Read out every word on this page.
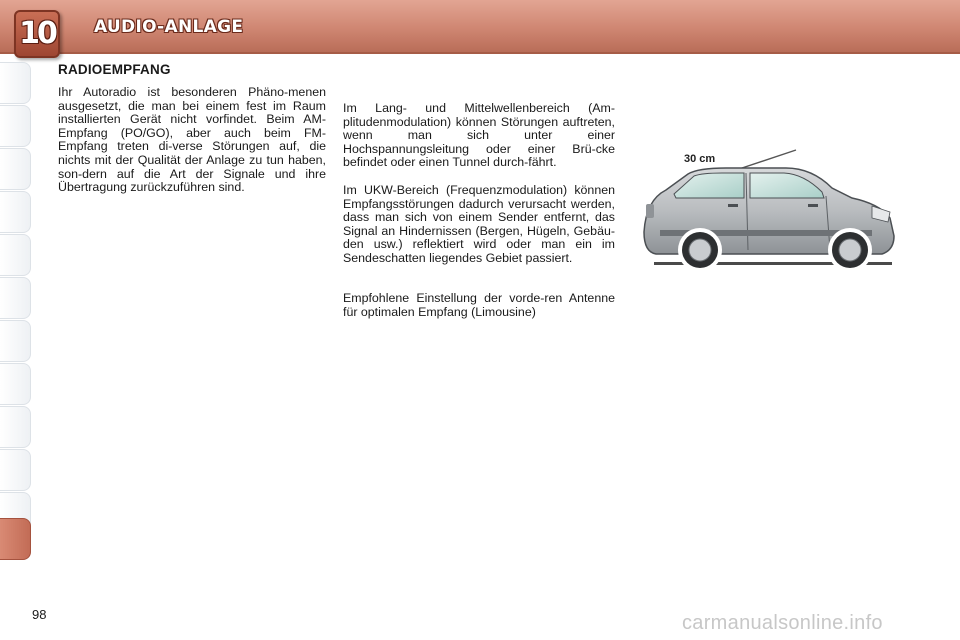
10 AUDIO-ANLAGE
RADIOEMPFANG

Ihr Autoradio ist besonderen Phäno-menen ausgesetzt, die man bei einem fest im Raum installierten Gerät nicht vorfindet. Beim AM-Empfang (PO/GO), aber auch beim FM-Empfang treten di-verse Störungen auf, die nichts mit der Qualität der Anlage zu tun haben, son-dern auf die Art der Signale und ihre Übertragung zurückzuführen sind.

Im Lang- und Mittelwellenbereich (Am-plitudenmodulation) können Störungen auftreten, wenn man sich unter einer Hochspannungsleitung oder einer Brü-cke befindet oder einen Tunnel durch-fährt.

Im UKW-Bereich (Frequenzmodulation) können Empfangsstörungen dadurch verursacht werden, dass man sich von einem Sender entfernt, das Signal an Hindernissen (Bergen, Hügeln, Gebäu-den usw.) reflektiert wird oder man ein im Sendeschatten liegendes Gebiet passiert.

Empfohlene Einstellung der vorde-ren Antenne für optimalen Empfang (Limousine)

30 cm
98	carmanualsonline.info
